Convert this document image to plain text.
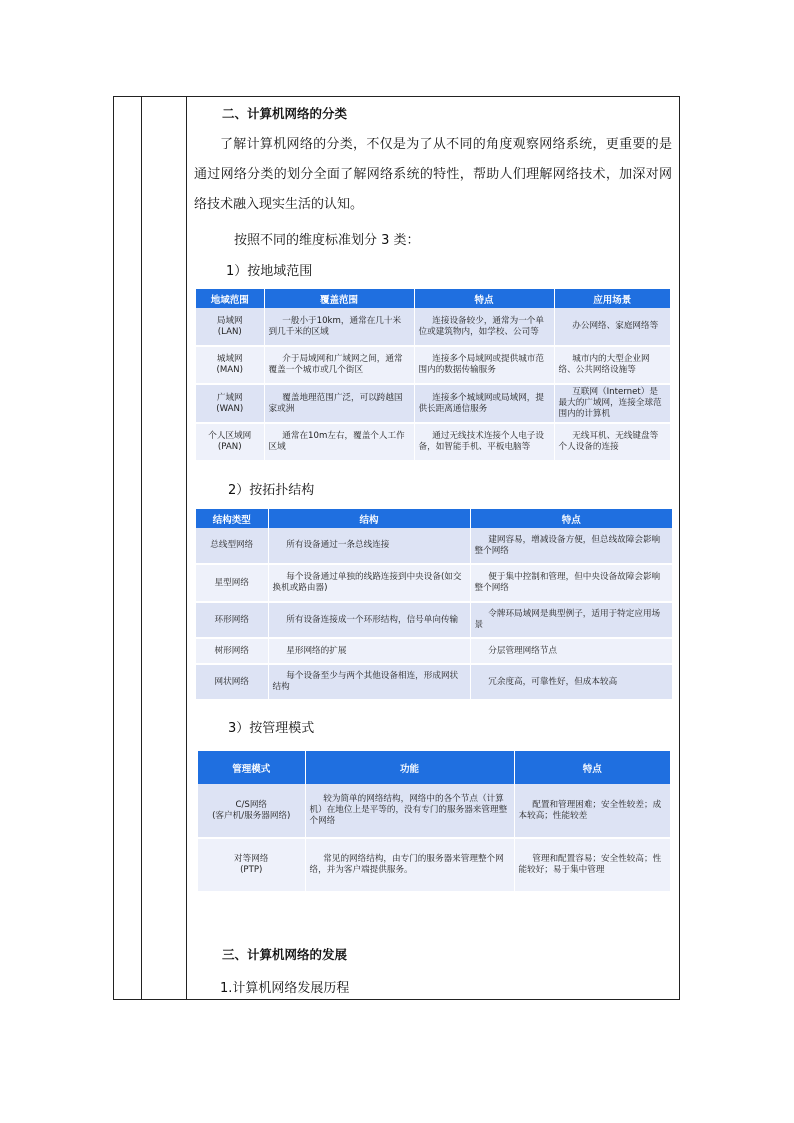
二、计算机网络的分类
了解计算机网络的分类，不仅是为了从不同的角度观察网络系统，更重要的是通过网络分类的划分全面了解网络系统的特性，帮助人们理解网络技术，加深对网络技术融入现实生活的认知。
按照不同的维度标准划分 3 类：
1）按地域范围
地域范围	覆盖范围	特点	应用场景
局域网
(LAN)	一般小于10km，通常在几十米到几千米的区域	连接设备较少，通常为一个单位或建筑物内，如学校、公司等	办公网络、家庭网络等
城域网
(MAN)	介于局域网和广域网之间，通常覆盖一个城市或几个街区	连接多个局域网或提供城市范围内的数据传输服务	城市内的大型企业网络、公共网络设施等
广域网
(WAN)	覆盖地理范围广泛，可以跨越国家或洲	连接多个城域网或局域网，提供长距离通信服务	互联网（Internet）是最大的广域网，连接全球范围内的计算机
个人区域网
(PAN)	通常在10m左右，覆盖个人工作区域	通过无线技术连接个人电子设备，如智能手机、平板电脑等	无线耳机、无线键盘等个人设备的连接
2）按拓扑结构
结构类型	结构	特点
总线型网络	所有设备通过一条总线连接	建网容易，增减设备方便，但总线故障会影响整个网络
星型网络	每个设备通过单独的线路连接到中央设备(如交换机或路由器)	便于集中控制和管理，但中央设备故障会影响整个网络
环形网络	所有设备连接成一个环形结构，信号单向传输	令牌环局域网是典型例子，适用于特定应用场景
树形网络	星形网络的扩展	分层管理网络节点
网状网络	每个设备至少与两个其他设备相连，形成网状结构	冗余度高，可靠性好，但成本较高
3）按管理模式
管理模式	功能	特点
C/S网络
(客户机/服务器网络)	较为简单的网络结构，网络中的各个节点（计算机）在地位上是平等的，没有专门的服务器来管理整个网络	配置和管理困难；安全性较差；成本较高；性能较差
对等网络
(PTP)	常见的网络结构，由专门的服务器来管理整个网络，并为客户端提供服务。	管理和配置容易；安全性较高；性能较好；易于集中管理
三、计算机网络的发展
1.计算机网络发展历程
